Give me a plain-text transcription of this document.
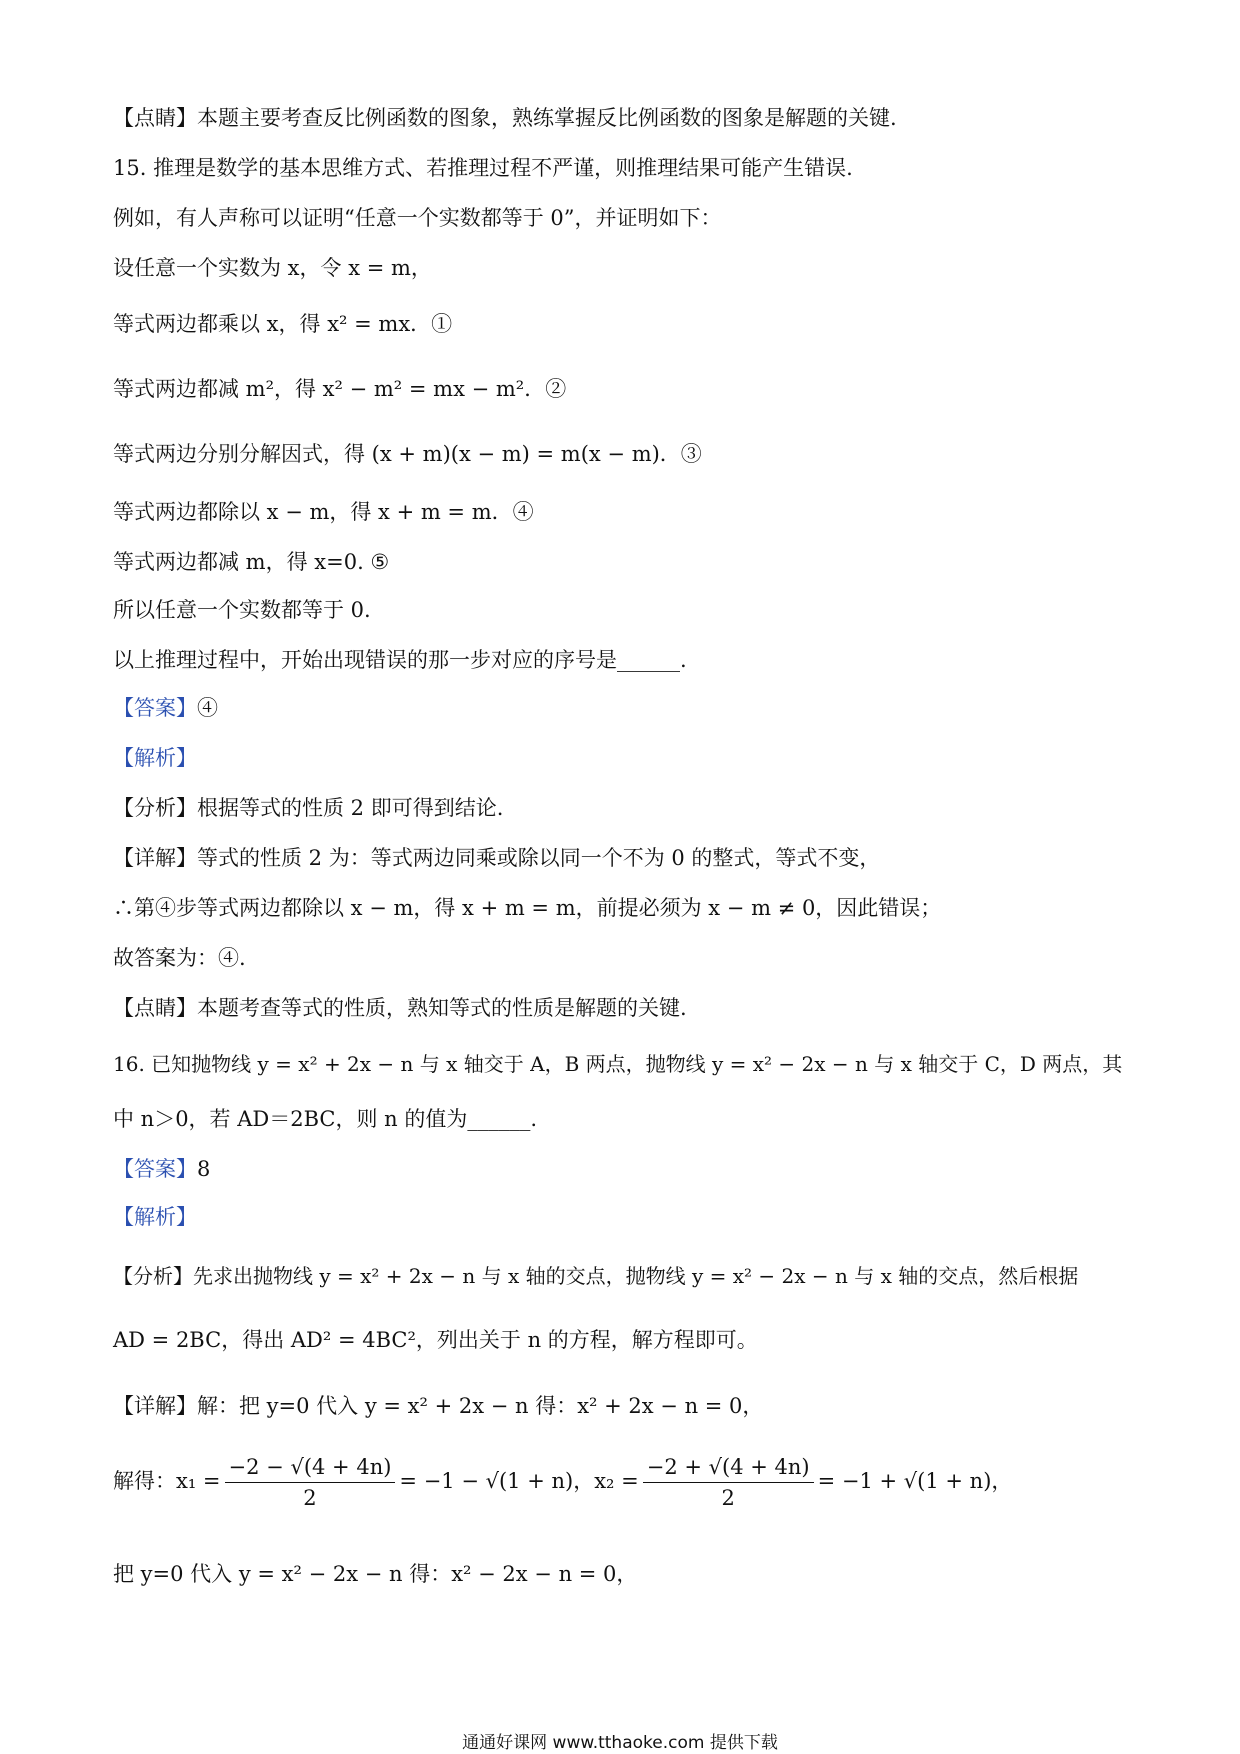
【点睛】本题主要考查反比例函数的图象，熟练掌握反比例函数的图象是解题的关键.
15. 推理是数学的基本思维方式、若推理过程不严谨，则推理结果可能产生错误.
例如，有人声称可以证明“任意一个实数都等于 0”，并证明如下：
设任意一个实数为 x，令 x = m，
等式两边都乘以 x，得 x² = mx．①
等式两边都减 m²，得 x² − m² = mx − m²．②
等式两边分别分解因式，得 (x + m)(x − m) = m(x − m)．③
等式两边都除以 x − m，得 x + m = m．④
等式两边都减 m，得 x=0. ⑤
所以任意一个实数都等于 0.
以上推理过程中，开始出现错误的那一步对应的序号是______.
【答案】④
【解析】
【分析】根据等式的性质 2 即可得到结论.
【详解】等式的性质 2 为：等式两边同乘或除以同一个不为 0 的整式，等式不变，
∴第④步等式两边都除以 x − m，得 x + m = m，前提必须为 x − m ≠ 0，因此错误；
故答案为：④.
【点睛】本题考查等式的性质，熟知等式的性质是解题的关键.
16. 已知抛物线 y = x² + 2x − n 与 x 轴交于 A，B 两点，抛物线 y = x² − 2x − n 与 x 轴交于 C，D 两点，其
中 n＞0，若 AD＝2BC，则 n 的值为______.
【答案】8
【解析】
【分析】先求出抛物线 y = x² + 2x − n 与 x 轴的交点，抛物线 y = x² − 2x − n 与 x 轴的交点，然后根据
AD = 2BC，得出 AD² = 4BC²，列出关于 n 的方程，解方程即可。
【详解】解：把 y=0 代入 y = x² + 2x − n 得：x² + 2x − n = 0，
解得：$x_1 = \frac{-2 - √(4 + 4n)}{2} = -1 - √(1 + n)$，$x_2 = \frac{-2 + √(4 + 4n)}{2} = -1 + √(1 + n)$，
把 y=0 代入 y = x² − 2x − n 得：x² − 2x − n = 0，
通通好课网 www.tthaoke.com 提供下载
